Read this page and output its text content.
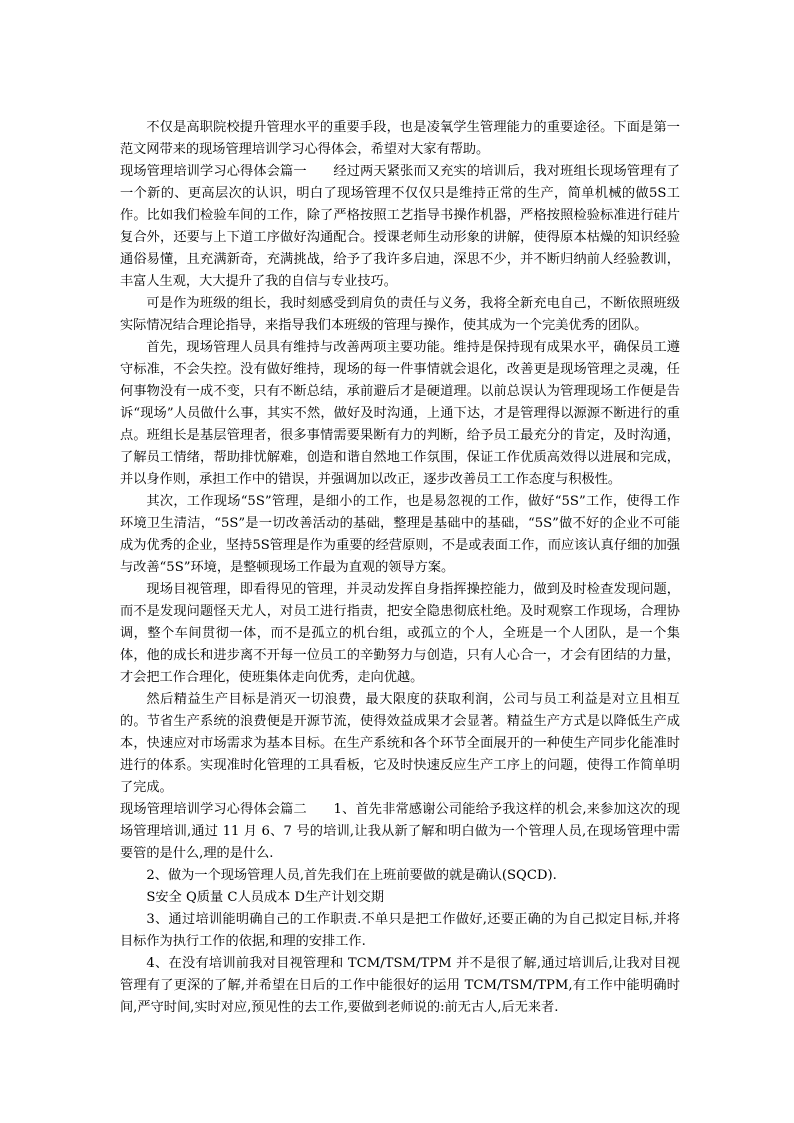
不仅是高职院校提升管理水平的重要手段，也是凌氧学生管理能力的重要途径。下面是第一范文网带来的现场管理培训学习心得体会，希望对大家有帮助。

现场管理培训学习心得体会篇一　　经过两天紧张而又充实的培训后，我对班组长现场管理有了一个新的、更高层次的认识，明白了现场管理不仅仅只是维持正常的生产，简单机械的做5S工作。比如我们检验车间的工作，除了严格按照工艺指导书操作机器，严格按照检验标准进行硅片复合外，还要与上下道工序做好沟通配合。授课老师生动形象的讲解，使得原本枯燥的知识经验通俗易懂，且充满新奇，充满挑战，给予了我许多启迪，深思不少，并不断归纳前人经验教训，丰富人生观，大大提升了我的自信与专业技巧。

可是作为班级的组长，我时刻感受到肩负的责任与义务，我将全新充电自己，不断依照班级实际情况结合理论指导，来指导我们本班级的管理与操作，使其成为一个完美优秀的团队。

首先，现场管理人员具有维持与改善两项主要功能。维持是保持现有成果水平，确保员工遵守标准，不会失控。没有做好维持，现场的每一件事情就会退化，改善更是现场管理之灵魂，任何事物没有一成不变，只有不断总结，承前避后才是硬道理。以前总误认为管理现场工作便是告诉“现场”人员做什么事，其实不然，做好及时沟通，上通下达，才是管理得以源源不断进行的重点。班组长是基层管理者，很多事情需要果断有力的判断，给予员工最充分的肯定，及时沟通，了解员工情绪，帮助排忧解难，创造和谐自然地工作氛围，保证工作优质高效得以进展和完成，并以身作则，承担工作中的错误，并强调加以改正，逐步改善员工工作态度与积极性。

其次，工作现场“5S”管理，是细小的工作，也是易忽视的工作，做好“5S”工作，使得工作环境卫生清洁，“5S”是一切改善活动的基础，整理是基础中的基础，“5S”做不好的企业不可能成为优秀的企业，坚持5S管理是作为重要的经营原则，不是或表面工作，而应该认真仔细的加强与改善“5S”环境，是整顿现场工作最为直观的领导方案。

现场目视管理，即看得见的管理，并灵动发挥自身指挥操控能力，做到及时检查发现问题，而不是发现问题怪天尤人，对员工进行指责，把安全隐患彻底杜绝。及时观察工作现场，合理协调，整个车间贯彻一体，而不是孤立的机台组，或孤立的个人，全班是一个人团队，是一个集体，他的成长和进步离不开每一位员工的辛勤努力与创造，只有人心合一，才会有团结的力量，才会把工作合理化，使班集体走向优秀，走向优越。

然后精益生产目标是消灭一切浪费，最大限度的获取利润，公司与员工利益是对立且相互的。节省生产系统的浪费便是开源节流，使得效益成果才会显著。精益生产方式是以降低生产成本，快速应对市场需求为基本目标。在生产系统和各个环节全面展开的一种使生产同步化能准时进行的体系。实现准时化管理的工具看板，它及时快速反应生产工序上的问题，使得工作简单明了完成。

现场管理培训学习心得体会篇二　　1、首先非常感谢公司能给予我这样的机会,来参加这次的现场管理培训,通过 11 月 6、7 号的培训,让我从新了解和明白做为一个管理人员,在现场管理中需要管的是什么,理的是什么.

2、做为一个现场管理人员,首先我们在上班前要做的就是确认(SQCD).

S安全 Q质量 C人员成本 D生产计划交期

3、通过培训能明确自己的工作职责.不单只是把工作做好,还要正确的为自己拟定目标,并将目标作为执行工作的依据,和理的安排工作.

4、在没有培训前我对目视管理和 TCM/TSM/TPM 并不是很了解,通过培训后,让我对目视管理有了更深的了解,并希望在日后的工作中能很好的运用 TCM/TSM/TPM,有工作中能明确时间,严守时间,实时对应,预见性的去工作,要做到老师说的:前无古人,后无来者.
